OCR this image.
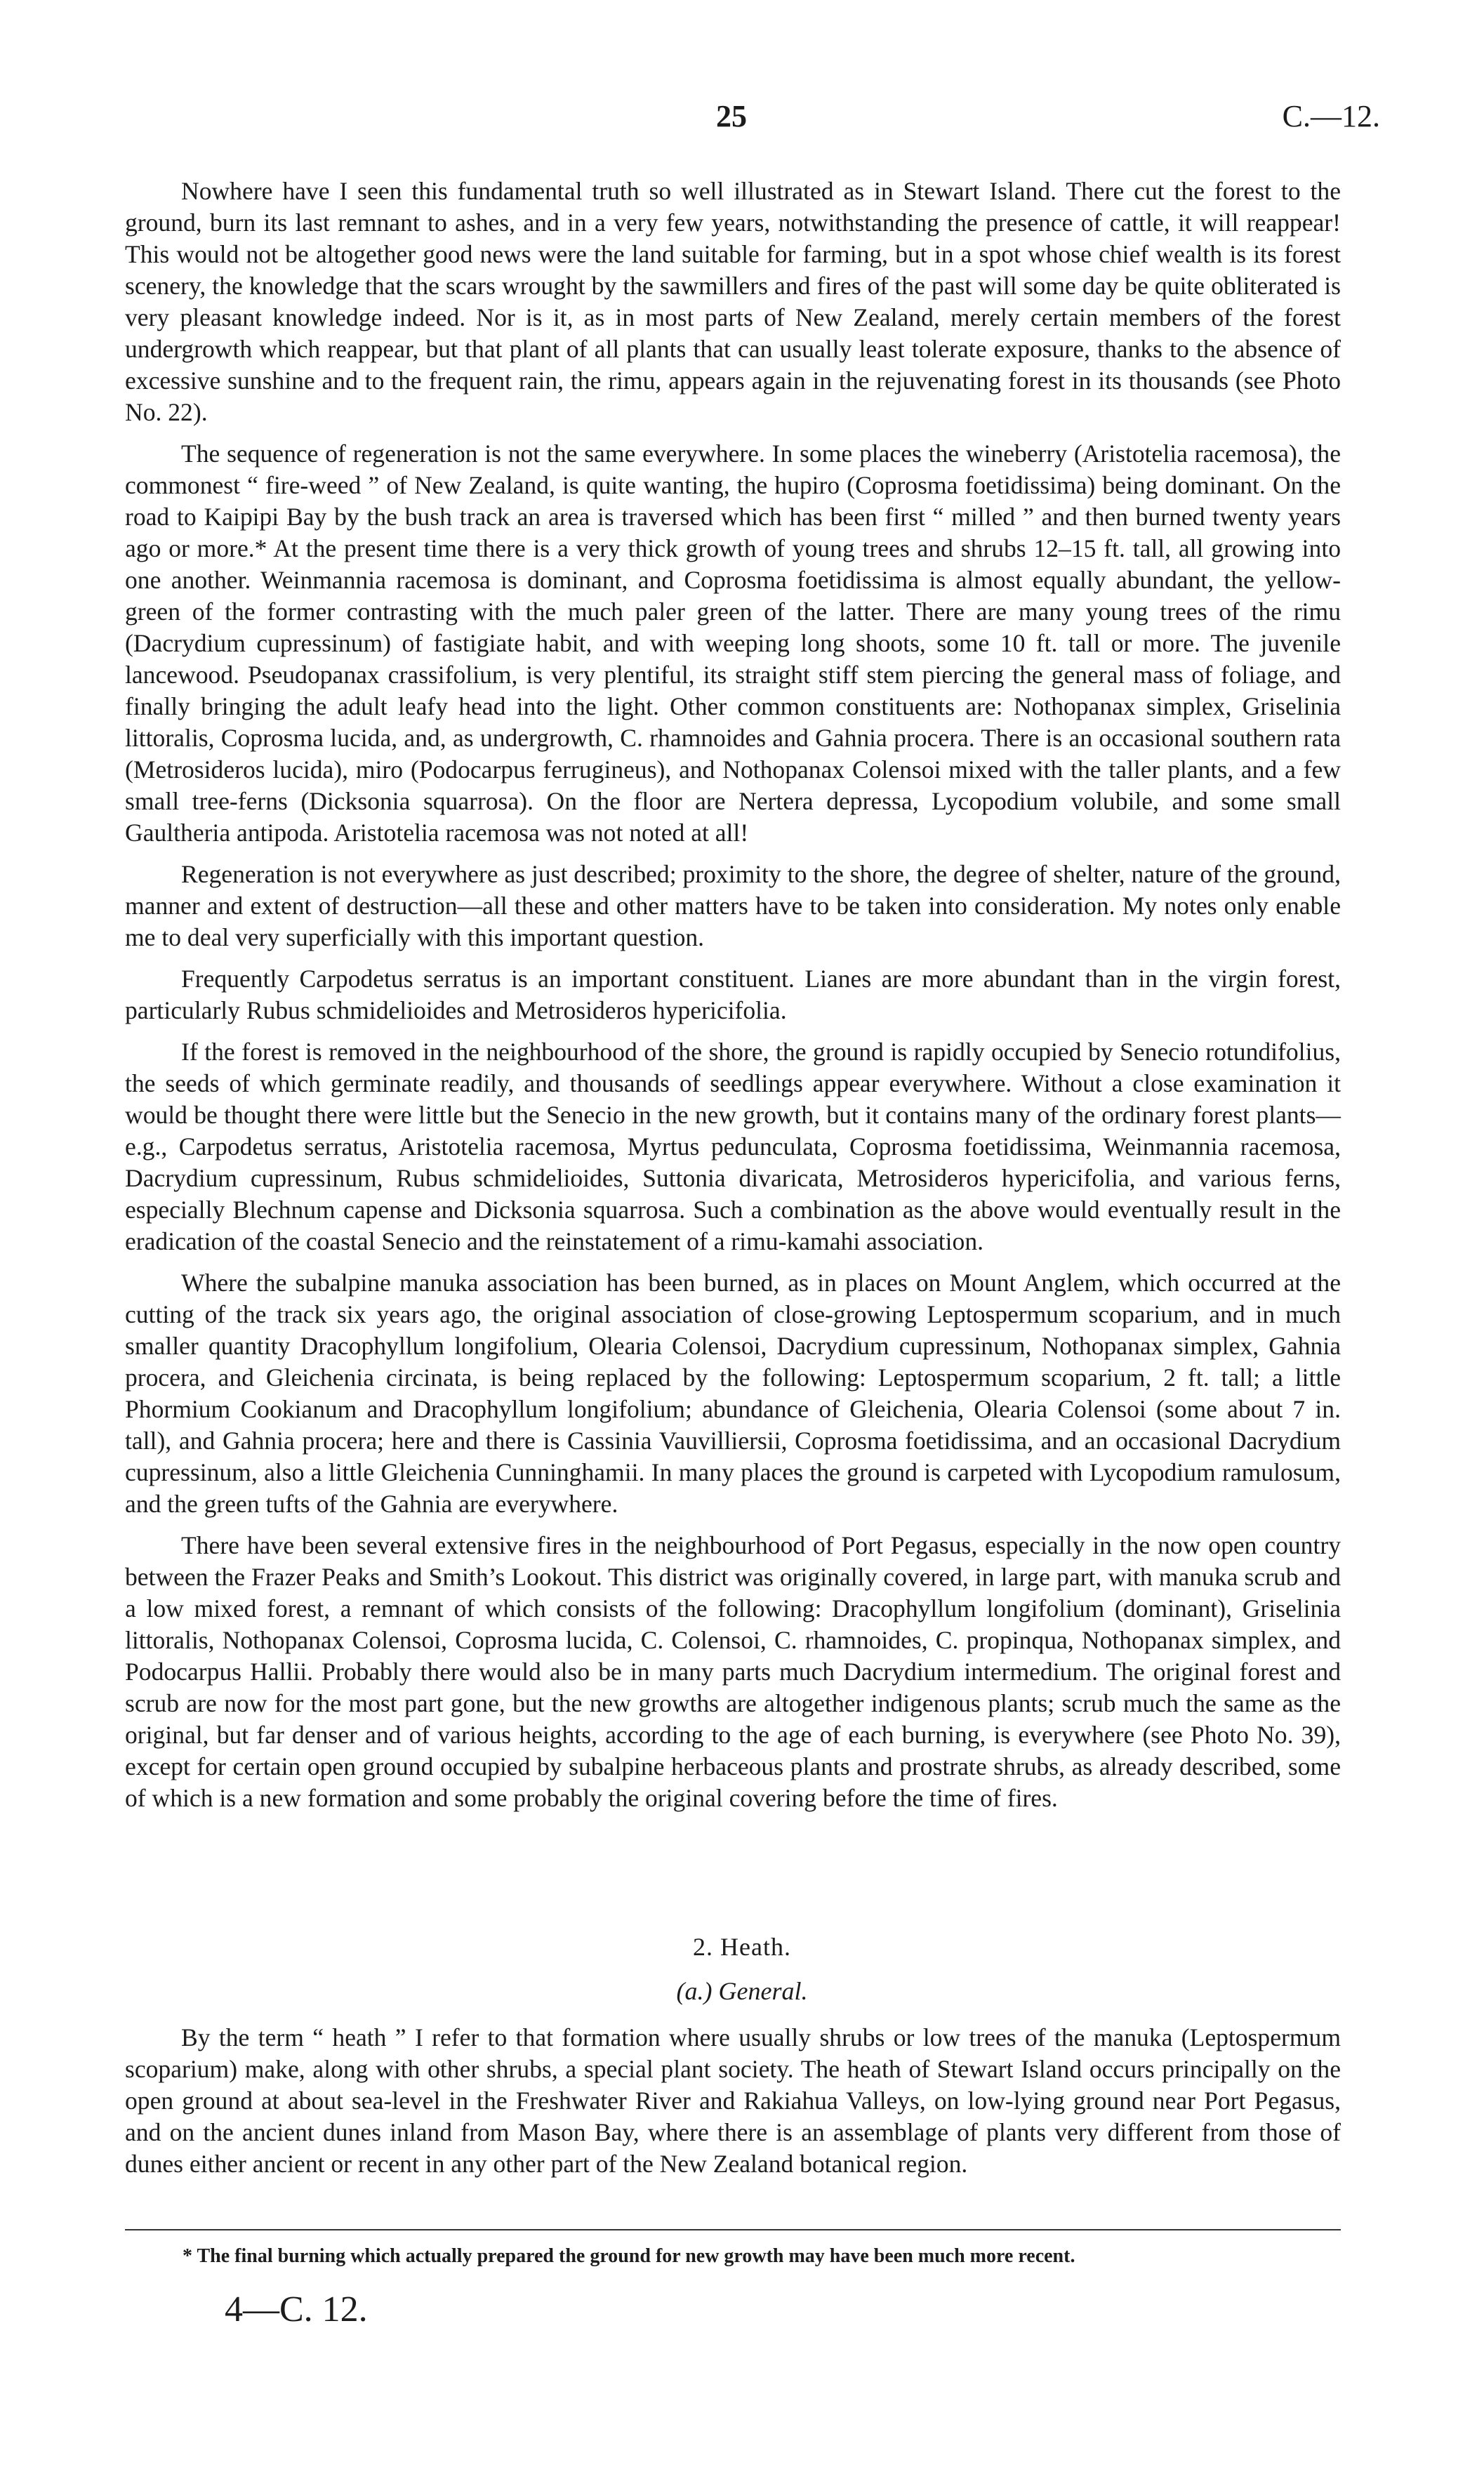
25	C.—12.

Nowhere have I seen this fundamental truth so well illustrated as in Stewart Island. There cut the forest to the ground, burn its last remnant to ashes, and in a very few years, notwithstanding the presence of cattle, it will reappear! This would not be altogether good news were the land suitable for farming, but in a spot whose chief wealth is its forest scenery, the knowledge that the scars wrought by the sawmillers and fires of the past will some day be quite obliterated is very pleasant knowledge indeed. Nor is it, as in most parts of New Zealand, merely certain members of the forest undergrowth which reappear, but that plant of all plants that can usually least tolerate exposure, thanks to the absence of excessive sunshine and to the frequent rain, the rimu, appears again in the rejuvenating forest in its thousands (see Photo No. 22).

The sequence of regeneration is not the same everywhere. In some places the wineberry (Aristotelia racemosa), the commonest “ fire-weed ” of New Zealand, is quite wanting, the hupiro (Coprosma foetidissima) being dominant. On the road to Kaipipi Bay by the bush track an area is traversed which has been first “ milled ” and then burned twenty years ago or more.* At the present time there is a very thick growth of young trees and shrubs 12–15 ft. tall, all growing into one another. Weinmannia racemosa is dominant, and Coprosma foetidissima is almost equally abundant, the yellow-green of the former contrasting with the much paler green of the latter. There are many young trees of the rimu (Dacrydium cupressinum) of fastigiate habit, and with weeping long shoots, some 10 ft. tall or more. The juvenile lancewood. Pseudopanax crassifolium, is very plentiful, its straight stiff stem piercing the general mass of foliage, and finally bringing the adult leafy head into the light. Other common constituents are: Nothopanax simplex, Griselinia littoralis, Coprosma lucida, and, as undergrowth, C. rhamnoides and Gahnia procera. There is an occasional southern rata (Metrosideros lucida), miro (Podocarpus ferrugineus), and Nothopanax Colensoi mixed with the taller plants, and a few small tree-ferns (Dicksonia squarrosa). On the floor are Nertera depressa, Lycopodium volubile, and some small Gaultheria antipoda. Aristotelia racemosa was not noted at all!

Regeneration is not everywhere as just described; proximity to the shore, the degree of shelter, nature of the ground, manner and extent of destruction—all these and other matters have to be taken into consideration. My notes only enable me to deal very superficially with this important question.

Frequently Carpodetus serratus is an important constituent. Lianes are more abundant than in the virgin forest, particularly Rubus schmidelioides and Metrosideros hypericifolia.

If the forest is removed in the neighbourhood of the shore, the ground is rapidly occupied by Senecio rotundifolius, the seeds of which germinate readily, and thousands of seedlings appear everywhere. Without a close examination it would be thought there were little but the Senecio in the new growth, but it contains many of the ordinary forest plants—e.g., Carpodetus serratus, Aristotelia racemosa, Myrtus pedunculata, Coprosma foetidissima, Weinmannia racemosa, Dacrydium cupressinum, Rubus schmidelioides, Suttonia divaricata, Metrosideros hypericifolia, and various ferns, especially Blechnum capense and Dicksonia squarrosa. Such a combination as the above would eventually result in the eradication of the coastal Senecio and the reinstatement of a rimu-kamahi association.

Where the subalpine manuka association has been burned, as in places on Mount Anglem, which occurred at the cutting of the track six years ago, the original association of close-growing Leptospermum scoparium, and in much smaller quantity Dracophyllum longifolium, Olearia Colensoi, Dacrydium cupressinum, Nothopanax simplex, Gahnia procera, and Gleichenia circinata, is being replaced by the following: Leptospermum scoparium, 2 ft. tall; a little Phormium Cookianum and Dracophyllum longifolium; abundance of Gleichenia, Olearia Colensoi (some about 7 in. tall), and Gahnia procera; here and there is Cassinia Vauvilliersii, Coprosma foetidissima, and an occasional Dacrydium cupressinum, also a little Gleichenia Cunninghamii. In many places the ground is carpeted with Lycopodium ramulosum, and the green tufts of the Gahnia are everywhere.

There have been several extensive fires in the neighbourhood of Port Pegasus, especially in the now open country between the Frazer Peaks and Smith’s Lookout. This district was originally covered, in large part, with manuka scrub and a low mixed forest, a remnant of which consists of the following: Dracophyllum longifolium (dominant), Griselinia littoralis, Nothopanax Colensoi, Coprosma lucida, C. Colensoi, C. rhamnoides, C. propinqua, Nothopanax simplex, and Podocarpus Hallii. Probably there would also be in many parts much Dacrydium intermedium. The original forest and scrub are now for the most part gone, but the new growths are altogether indigenous plants; scrub much the same as the original, but far denser and of various heights, according to the age of each burning, is everywhere (see Photo No. 39), except for certain open ground occupied by subalpine herbaceous plants and prostrate shrubs, as already described, some of which is a new formation and some probably the original covering before the time of fires.

2. Heath.
(a.) General.

By the term “ heath ” I refer to that formation where usually shrubs or low trees of the manuka (Leptospermum scoparium) make, along with other shrubs, a special plant society. The heath of Stewart Island occurs principally on the open ground at about sea-level in the Freshwater River and Rakiahua Valleys, on low-lying ground near Port Pegasus, and on the ancient dunes inland from Mason Bay, where there is an assemblage of plants very different from those of dunes either ancient or recent in any other part of the New Zealand botanical region.

* The final burning which actually prepared the ground for new growth may have been much more recent.
4—C. 12.
